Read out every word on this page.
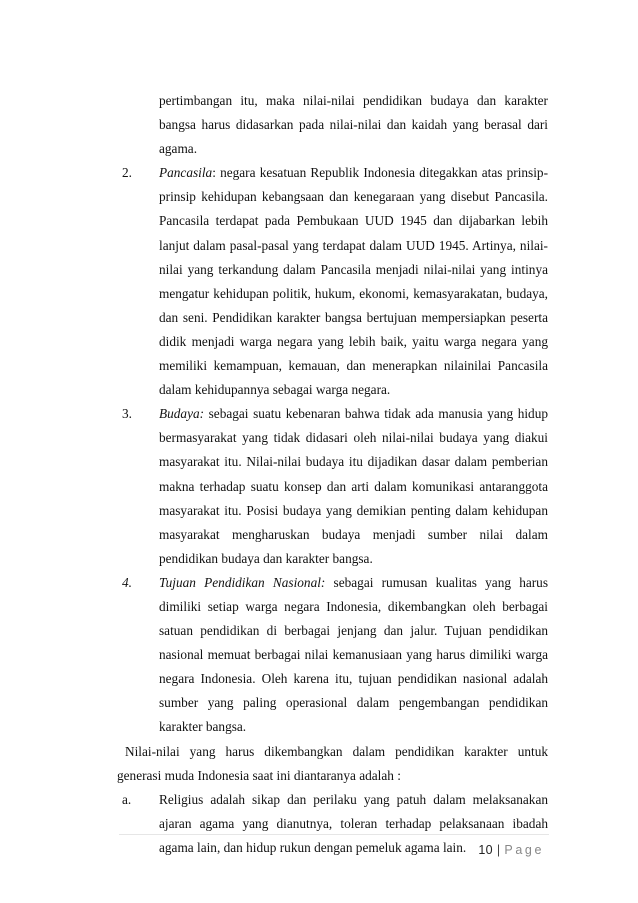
pertimbangan itu, maka nilai-nilai pendidikan budaya dan karakter bangsa harus didasarkan pada nilai-nilai dan kaidah yang berasal dari agama.
2. Pancasila: negara kesatuan Republik Indonesia ditegakkan atas prinsip-prinsip kehidupan kebangsaan dan kenegaraan yang disebut Pancasila. Pancasila terdapat pada Pembukaan UUD 1945 dan dijabarkan lebih lanjut dalam pasal-pasal yang terdapat dalam UUD 1945. Artinya, nilai-nilai yang terkandung dalam Pancasila menjadi nilai-nilai yang intinya mengatur kehidupan politik, hukum, ekonomi, kemasyarakatan, budaya, dan seni. Pendidikan karakter bangsa bertujuan mempersiapkan peserta didik menjadi warga negara yang lebih baik, yaitu warga negara yang memiliki kemampuan, kemauan, dan menerapkan nilainilai Pancasila dalam kehidupannya sebagai warga negara.
3. Budaya: sebagai suatu kebenaran bahwa tidak ada manusia yang hidup bermasyarakat yang tidak didasari oleh nilai-nilai budaya yang diakui masyarakat itu. Nilai-nilai budaya itu dijadikan dasar dalam pemberian makna terhadap suatu konsep dan arti dalam komunikasi antaranggota masyarakat itu. Posisi budaya yang demikian penting dalam kehidupan masyarakat mengharuskan budaya menjadi sumber nilai dalam pendidikan budaya dan karakter bangsa.
4. Tujuan Pendidikan Nasional: sebagai rumusan kualitas yang harus dimiliki setiap warga negara Indonesia, dikembangkan oleh berbagai satuan pendidikan di berbagai jenjang dan jalur. Tujuan pendidikan nasional memuat berbagai nilai kemanusiaan yang harus dimiliki warga negara Indonesia. Oleh karena itu, tujuan pendidikan nasional adalah sumber yang paling operasional dalam pengembangan pendidikan karakter bangsa.
Nilai-nilai yang harus dikembangkan dalam pendidikan karakter untuk generasi muda Indonesia saat ini diantaranya adalah :
a. Religius adalah sikap dan perilaku yang patuh dalam melaksanakan ajaran agama yang dianutnya, toleran terhadap pelaksanaan ibadah agama lain, dan hidup rukun dengan pemeluk agama lain. 10 | Page
